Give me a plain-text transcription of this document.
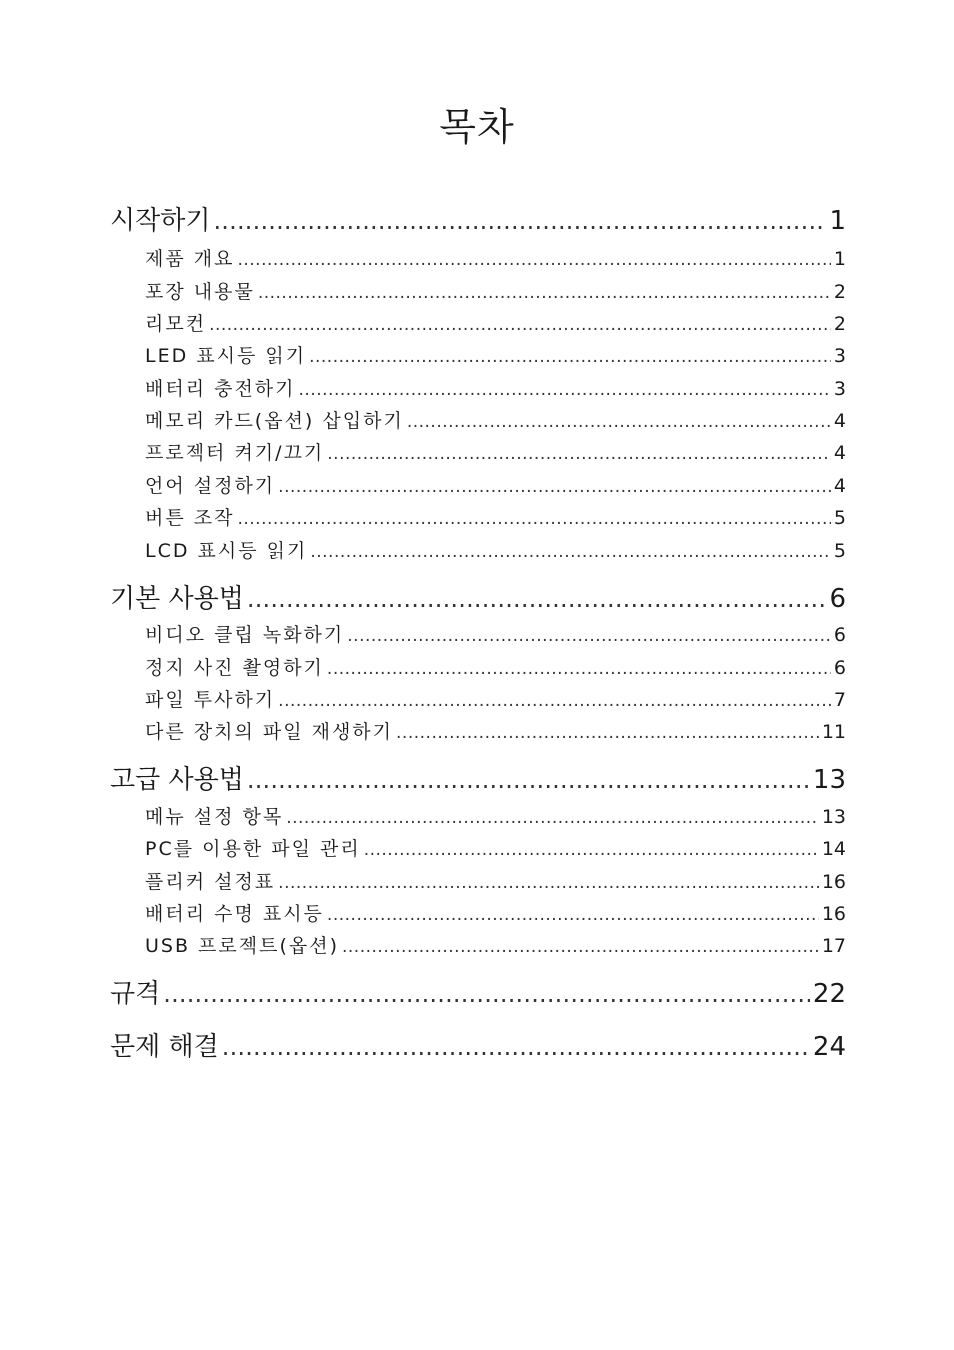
목차
시작하기 .....	1
제품 개요 .....	1
포장 내용물 .....	2
리모컨 .....	2
LED 표시등 읽기 .....	3
배터리 충전하기 .....	3
메모리 카드(옵션) 삽입하기 .....	4
프로젝터 켜기/끄기 .....	4
언어 설정하기 .....	4
버튼 조작 .....	5
LCD 표시등 읽기 .....	5
기본 사용법 .....	6
비디오 클립 녹화하기 .....	6
정지 사진 촬영하기 .....	6
파일 투사하기 .....	7
다른 장치의 파일 재생하기 .....	11
고급 사용법 .....	13
메뉴 설정 항목 .....	13
PC를 이용한 파일 관리 .....	14
플리커 설정표 .....	16
배터리 수명 표시등 .....	16
USB 프로젝트(옵션) .....	17
규격 .....	22
문제 해결 .....	24
